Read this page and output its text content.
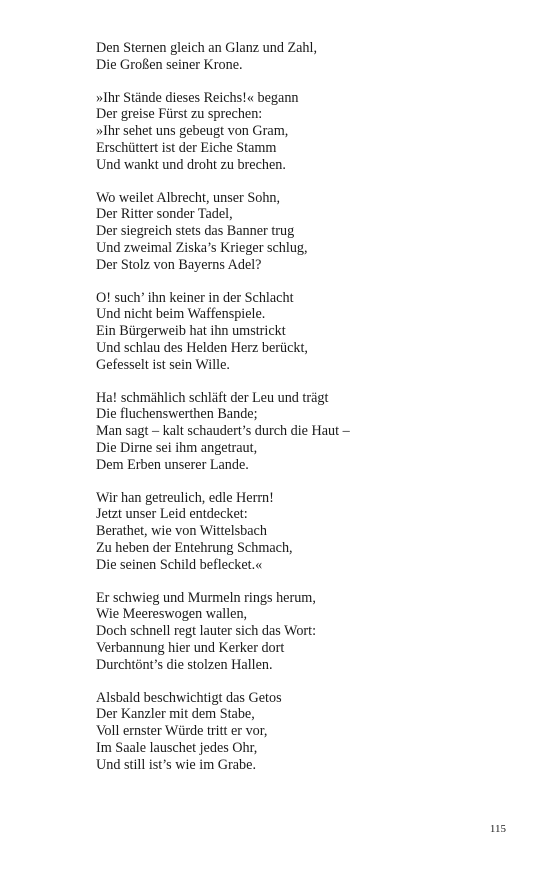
Den Sternen gleich an Glanz und Zahl,
Die Großen seiner Krone.
»Ihr Stände dieses Reichs!« begann
Der greise Fürst zu sprechen:
»Ihr sehet uns gebeugt von Gram,
Erschüttert ist der Eiche Stamm
Und wankt und droht zu brechen.
Wo weilet Albrecht, unser Sohn,
Der Ritter sonder Tadel,
Der siegreich stets das Banner trug
Und zweimal Ziska’s Krieger schlug,
Der Stolz von Bayerns Adel?
O! such’ ihn keiner in der Schlacht
Und nicht beim Waffenspiele.
Ein Bürgerweib hat ihn umstrickt
Und schlau des Helden Herz berückt,
Gefesselt ist sein Wille.
Ha! schmählich schläft der Leu und trägt
Die fluchenswerthen Bande;
Man sagt – kalt schaudert’s durch die Haut –
Die Dirne sei ihm angetraut,
Dem Erben unserer Lande.
Wir han getreulich, edle Herrn!
Jetzt unser Leid entdecket:
Berathet, wie von Wittelsbach
Zu heben der Entehrung Schmach,
Die seinen Schild beflecket.«
Er schwieg und Murmeln rings herum,
Wie Meereswogen wallen,
Doch schnell regt lauter sich das Wort:
Verbannung hier und Kerker dort
Durchtönt’s die stolzen Hallen.
Alsbald beschwichtigt das Getos
Der Kanzler mit dem Stabe,
Voll ernster Würde tritt er vor,
Im Saale lauschet jedes Ohr,
Und still ist’s wie im Grabe.
115
